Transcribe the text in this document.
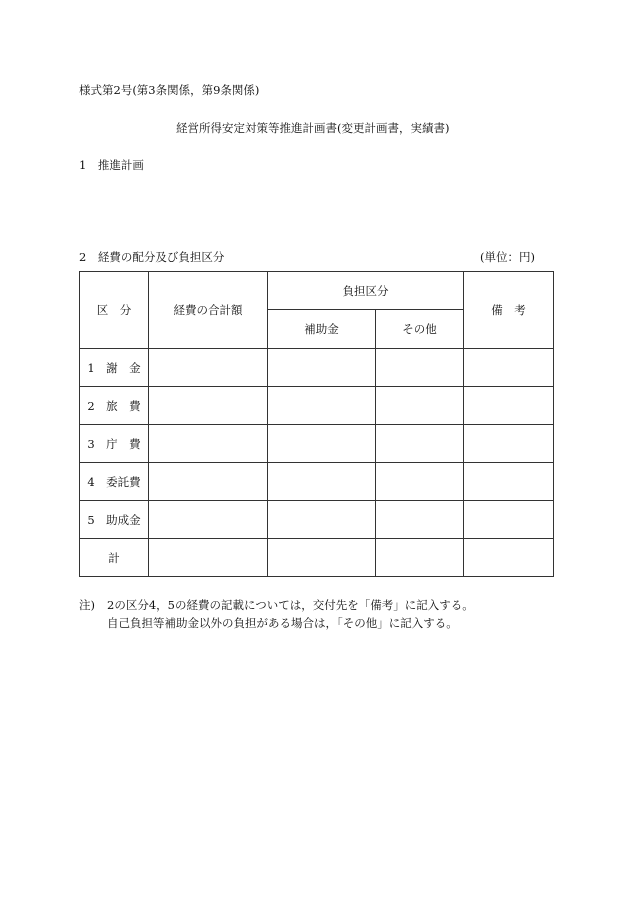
様式第2号(第3条関係，第9条関係)
経営所得安定対策等推進計画書(変更計画書，実績書)
1　推進計画
2　経費の配分及び負担区分	(単位：円)
区　分	経費の合計額	負担区分		備　考
		補助金	その他	
1　謝　金				
2　旅　費				
3　庁　費				
4　委託費				
5　助成金				
計				
注) 2の区分4，5の経費の記載については，交付先を「備考」に記入する。
自己負担等補助金以外の負担がある場合は，「その他」に記入する。
